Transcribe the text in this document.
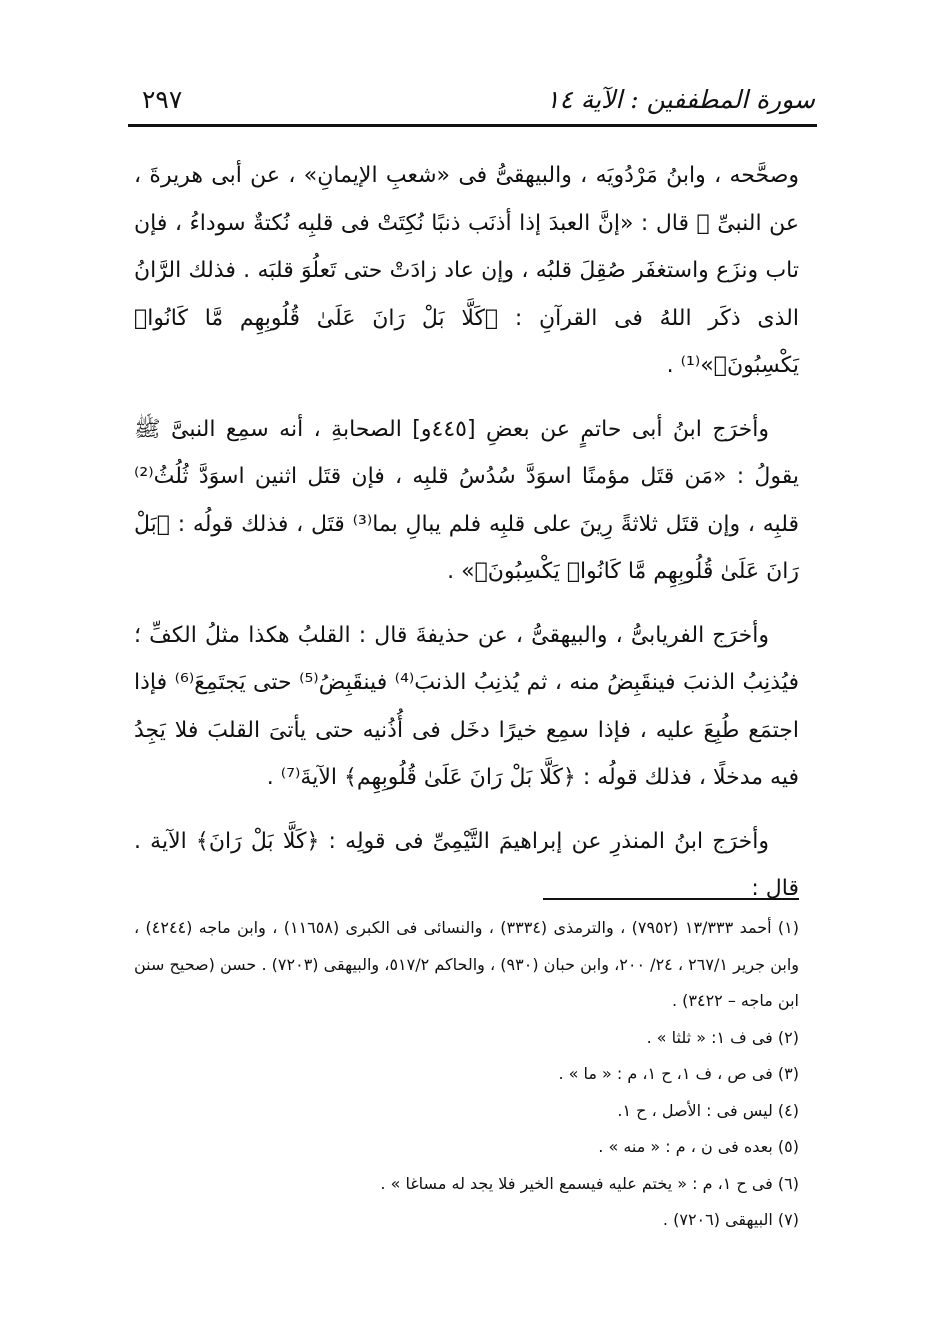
سورة المطففين : الآية ١٤
٢٩٧

وصحَّحه ، وابنُ مَرْدُويَه ، والبيهقىُّ فى «شعبِ الإيمانِ» ، عن أبى هريرةَ ، عن النبىِّ ﷺ قال : «إنَّ العبدَ إذا أذنَب ذنبًا نُكِتَتْ فى قلبِه نُكتةٌ سوداءُ ، فإن تاب ونزَع واستغفَر صُقِلَ قلبُه ، وإن عاد زادَتْ حتى تَعلُوَ قلبَه . فذلك الرَّانُ الذى ذكَر اللهُ فى القرآنِ : ﴿كَلَّا بَلْ رَانَ عَلَىٰ قُلُوبِهِم مَّا كَانُوا۟ يَكْسِبُونَ﴾»⁽¹⁾ .

وأخرَج ابنُ أبى حاتمٍ عن بعضِ [٤٤٥و] الصحابةِ ، أنه سمِع النبىَّ ﷺ يقولُ : «مَن قتَل مؤمنًا اسوَدَّ سُدُسُ قلبِه ، فإن قتَل اثنين اسوَدَّ ثُلُثُ⁽²⁾ قلبِه ، وإن قتَل ثلاثةً رِينَ على قلبِه فلم يبالِ بما⁽³⁾ قتَل ، فذلك قولُه : ﴿بَلْ رَانَ عَلَىٰ قُلُوبِهِم مَّا كَانُوا۟ يَكْسِبُونَ﴾» .

وأخرَج الفريابىُّ ، والبيهقىُّ ، عن حذيفةَ قال : القلبُ هكذا مثلُ الكفِّ ؛ فيُذنِبُ الذنبَ فينقَبِضُ منه ، ثم يُذنِبُ الذنبَ⁽⁴⁾ فينقَبِضُ⁽⁵⁾ حتى يَجتَمِعَ⁽⁶⁾ فإذا اجتمَع طُبِعَ عليه ، فإذا سمِع خيرًا دخَل فى أُذُنيه حتى يأتىَ القلبَ فلا يَجِدُ فيه مدخلًا ، فذلك قولُه : ﴿كَلَّا بَلْ رَانَ عَلَىٰ قُلُوبِهِم﴾ الآيةَ⁽⁷⁾ .

وأخرَج ابنُ المنذرِ عن إبراهيمَ التَّيْمِىِّ فى قولِه : ﴿كَلَّا بَلْ رَانَ﴾ الآية . قال :

(١) أحمد ١٣/٣٣٣ (٧٩٥٢) ، والترمذى (٣٣٣٤) ، والنسائى فى الكبرى (١١٦٥٨) ، وابن ماجه (٤٢٤٤) ، وابن جرير ٢٦٧/١ ، ٢٤/ ٢٠٠، وابن حبان (٩٣٠) ، والحاكم ٥١٧/٢، والبيهقى (٧٢٠٣) . حسن (صحيح سنن ابن ماجه – ٣٤٢٢) .

(٢) فى ف ١: « ثلثا » .

(٣) فى ص ، ف ١، ح ١، م : « ما » .

(٤) ليس فى : الأصل ، ح ١.

(٥) بعده فى ن ، م : « منه » .

(٦) فى ح ١، م : « يختم عليه فيسمع الخير فلا يجد له مساغا » .

(٧) البيهقى (٧٢٠٦) .
